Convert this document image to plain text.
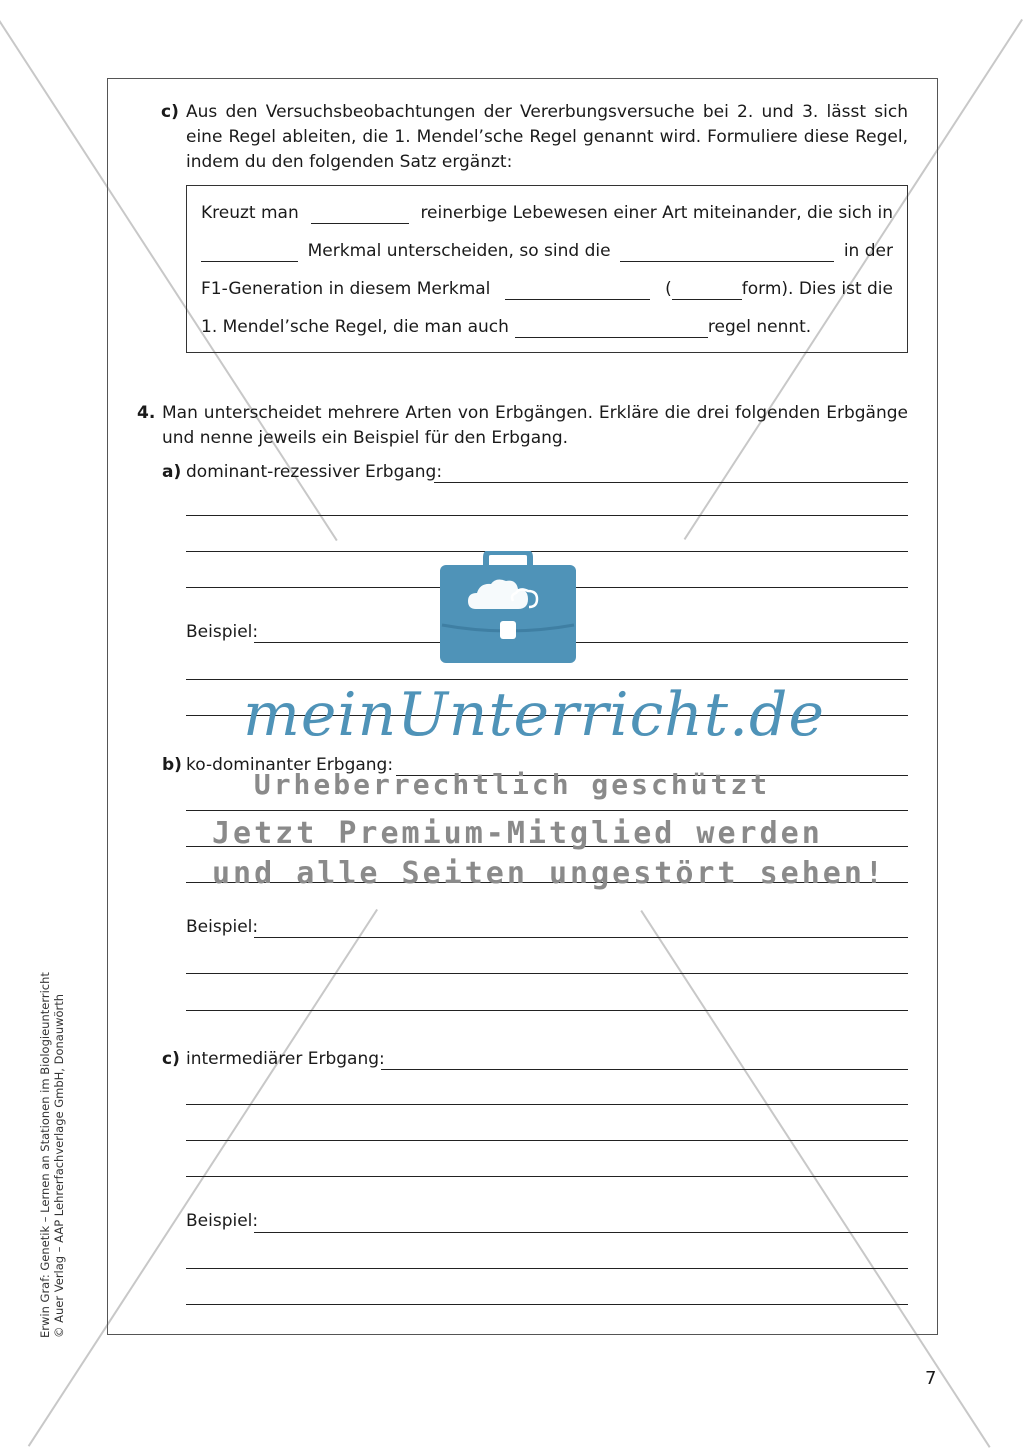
c) Aus den Versuchsbeobachtungen der Vererbungsversuche bei 2. und 3. lässt sich eine Regel ableiten, die 1. Mendel’sche Regel genannt wird. Formuliere diese Regel, indem du den folgenden Satz ergänzt:
Kreuzt man	reinerbige Lebewesen einer Art miteinander, die sich in
Merkmal unterscheiden, so sind die	in der
F1-Generation in diesem Merkmal	(	form). Dies ist die
1. Mendel’sche Regel, die man auch	regel nennt.
4. Man unterscheidet mehrere Arten von Erbgängen. Erkläre die drei folgenden Erbgänge und nenne jeweils ein Beispiel für den Erbgang.
a) dominant-rezessiver Erbgang:
Beispiel:
b) ko-dominanter Erbgang:
Beispiel:
c) intermediärer Erbgang:
Beispiel:
meinUnterricht.de
Urheberrechtlich geschützt
Jetzt Premium-Mitglied werden
und alle Seiten ungestört sehen!
Erwin Graf: Genetik – Lernen an Stationen im Biologieunterricht © Auer Verlag – AAP Lehrerfachverlage GmbH, Donauwörth
7
